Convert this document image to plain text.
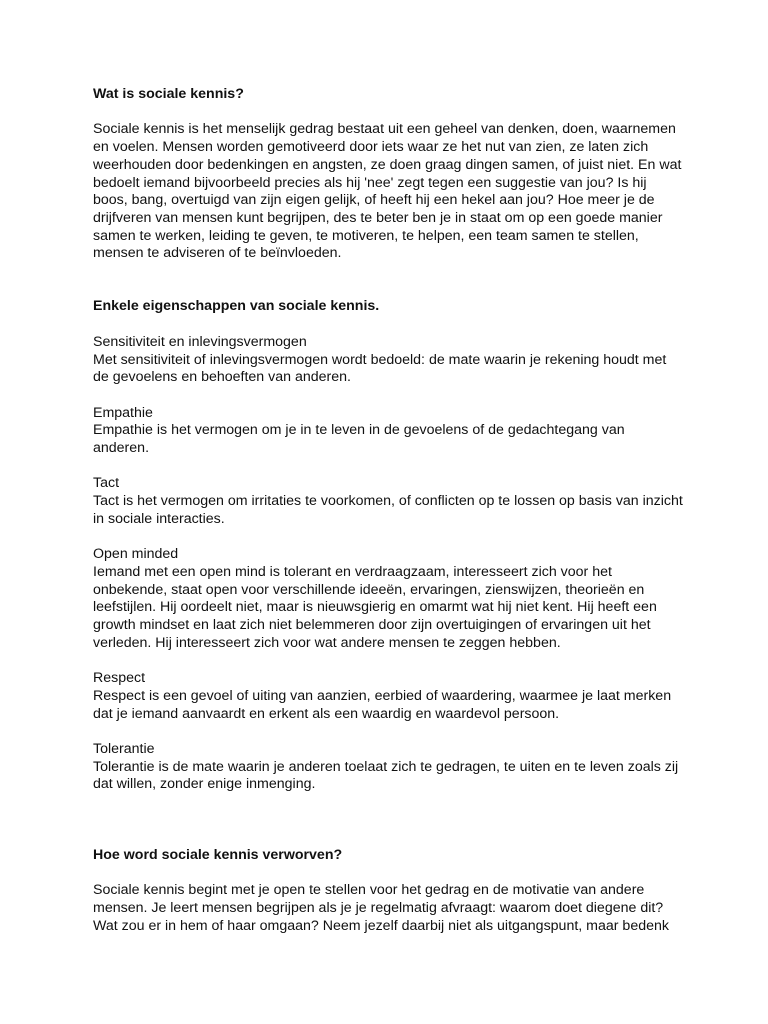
Wat is sociale kennis?

Sociale kennis is het menselijk gedrag bestaat uit een geheel van denken, doen, waarnemen en voelen. Mensen worden gemotiveerd door iets waar ze het nut van zien, ze laten zich weerhouden door bedenkingen en angsten, ze doen graag dingen samen, of juist niet. En wat bedoelt iemand bijvoorbeeld precies als hij 'nee' zegt tegen een suggestie van jou? Is hij boos, bang, overtuigd van zijn eigen gelijk, of heeft hij een hekel aan jou? Hoe meer je de drijfveren van mensen kunt begrijpen, des te beter ben je in staat om op een goede manier samen te werken, leiding te geven, te motiveren, te helpen, een team samen te stellen, mensen te adviseren of te beïnvloeden.

Enkele eigenschappen van sociale kennis.

Sensitiviteit en inlevingsvermogen

Met sensitiviteit of inlevingsvermogen wordt bedoeld: de mate waarin je rekening houdt met de gevoelens en behoeften van anderen.

Empathie

Empathie is het vermogen om je in te leven in de gevoelens of de gedachtegang van anderen.

Tact

Tact is het vermogen om irritaties te voorkomen, of conflicten op te lossen op basis van inzicht in sociale interacties.

Open minded

Iemand met een open mind is tolerant en verdraagzaam, interesseert zich voor het onbekende, staat open voor verschillende ideeën, ervaringen, zienswijzen, theorieën en leefstijlen. Hij oordeelt niet, maar is nieuwsgierig en omarmt wat hij niet kent. Hij heeft een growth mindset en laat zich niet belemmeren door zijn overtuigingen of ervaringen uit het verleden. Hij interesseert zich voor wat andere mensen te zeggen hebben.

Respect

Respect is een gevoel of uiting van aanzien, eerbied of waardering, waarmee je laat merken dat je iemand aanvaardt en erkent als een waardig en waardevol persoon.

Tolerantie

Tolerantie is de mate waarin je anderen toelaat zich te gedragen, te uiten en te leven zoals zij dat willen, zonder enige inmenging.

Hoe word sociale kennis verworven?

Sociale kennis begint met je open te stellen voor het gedrag en de motivatie van andere mensen. Je leert mensen begrijpen als je je regelmatig afvraagt: waarom doet diegene dit? Wat zou er in hem of haar omgaan? Neem jezelf daarbij niet als uitgangspunt, maar bedenk
